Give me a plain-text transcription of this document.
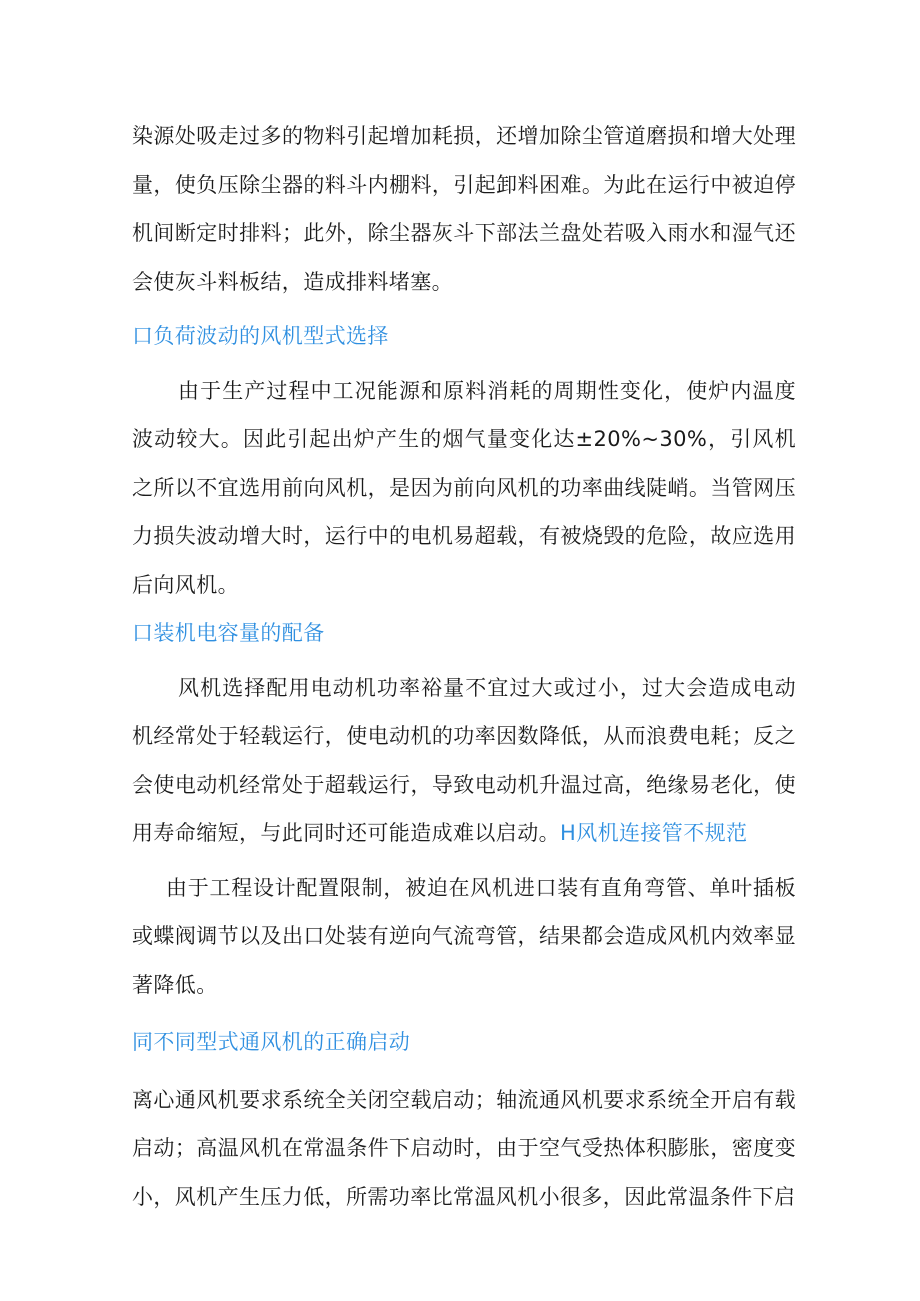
染源处吸走过多的物料引起增加耗损，还增加除尘管道磨损和增大处理量，使负压除尘器的料斗内棚料，引起卸料困难。为此在运行中被迫停机间断定时排料；此外，除尘器灰斗下部法兰盘处若吸入雨水和湿气还会使灰斗料板结，造成排料堵塞。

口负荷波动的风机型式选择

由于生产过程中工况能源和原料消耗的周期性变化，使炉内温度波动较大。因此引起出炉产生的烟气量变化达±20%~30%，引风机之所以不宜选用前向风机，是因为前向风机的功率曲线陡峭。当管网压力损失波动增大时，运行中的电机易超载，有被烧毁的危险，故应选用后向风机。

口装机电容量的配备

风机选择配用电动机功率裕量不宜过大或过小，过大会造成电动机经常处于轻载运行，使电动机的功率因数降低，从而浪费电耗；反之会使电动机经常处于超载运行，导致电动机升温过高，绝缘易老化，使用寿命缩短，与此同时还可能造成难以启动。H风机连接管不规范

由于工程设计配置限制，被迫在风机进口装有直角弯管、单叶插板或蝶阀调节以及出口处装有逆向气流弯管，结果都会造成风机内效率显著降低。

同不同型式通风机的正确启动

离心通风机要求系统全关闭空载启动；轴流通风机要求系统全开启有载启动；高温风机在常温条件下启动时，由于空气受热体积膨胀，密度变小，风机产生压力低，所需功率比常温风机小很多，因此常温条件下启
